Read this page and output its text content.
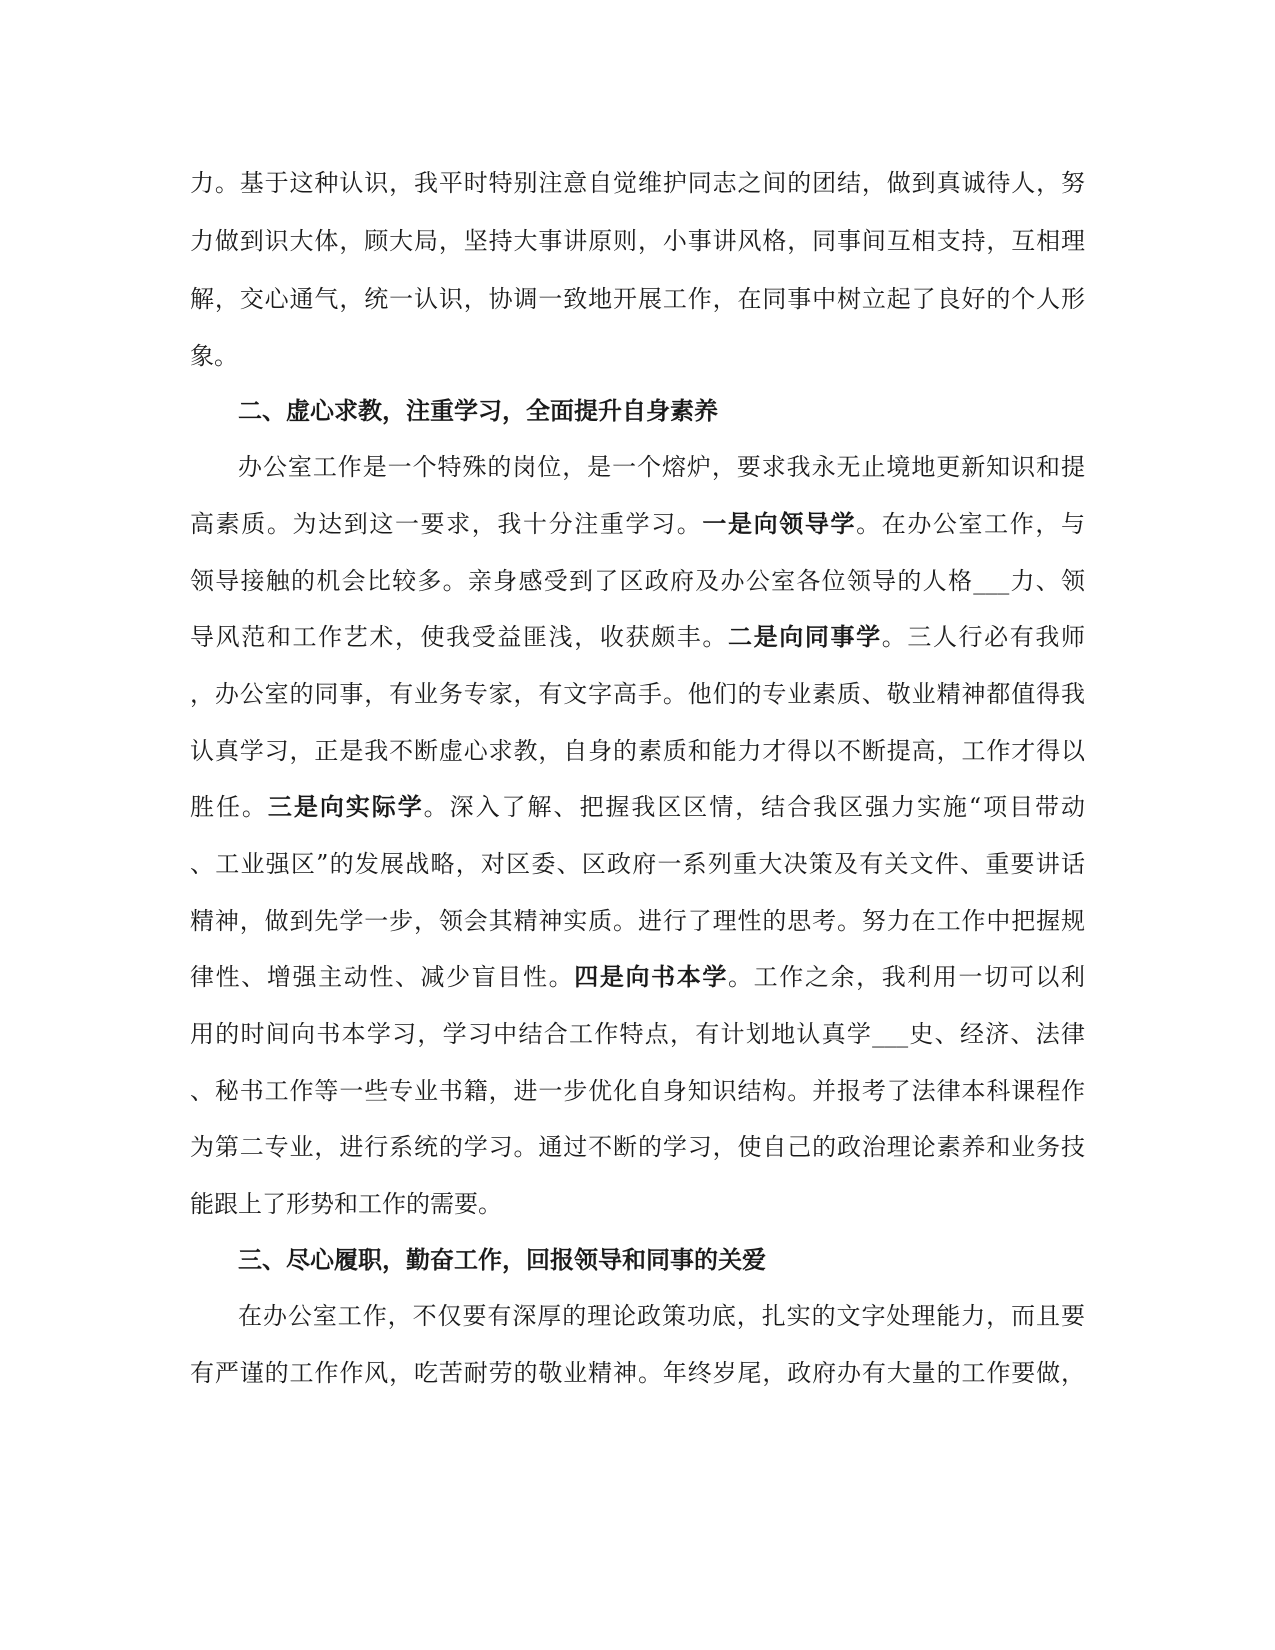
力。基于这种认识，我平时特别注意自觉维护同志之间的团结，做到真诚待人，努
力做到识大体，顾大局，坚持大事讲原则，小事讲风格，同事间互相支持，互相理
解，交心通气，统一认识，协调一致地开展工作，在同事中树立起了良好的个人形
象。
二、虚心求教，注重学习，全面提升自身素养
办公室工作是一个特殊的岗位，是一个熔炉，要求我永无止境地更新知识和提
高素质。为达到这一要求，我十分注重学习。一是向领导学。在办公室工作，与
领导接触的机会比较多。亲身感受到了区政府及办公室各位领导的人格___力、领
导风范和工作艺术，使我受益匪浅，收获颇丰。二是向同事学。三人行必有我师
，办公室的同事，有业务专家，有文字高手。他们的专业素质、敬业精神都值得我
认真学习，正是我不断虚心求教，自身的素质和能力才得以不断提高，工作才得以
胜任。三是向实际学。深入了解、把握我区区情，结合我区强力实施“项目带动
、工业强区”的发展战略，对区委、区政府一系列重大决策及有关文件、重要讲话
精神，做到先学一步，领会其精神实质。进行了理性的思考。努力在工作中把握规
律性、增强主动性、减少盲目性。四是向书本学。工作之余，我利用一切可以利
用的时间向书本学习，学习中结合工作特点，有计划地认真学___史、经济、法律
、秘书工作等一些专业书籍，进一步优化自身知识结构。并报考了法律本科课程作
为第二专业，进行系统的学习。通过不断的学习，使自己的政治理论素养和业务技
能跟上了形势和工作的需要。
三、尽心履职，勤奋工作，回报领导和同事的关爱
在办公室工作，不仅要有深厚的理论政策功底，扎实的文字处理能力，而且要
有严谨的工作作风，吃苦耐劳的敬业精神。年终岁尾，政府办有大量的工作要做，
